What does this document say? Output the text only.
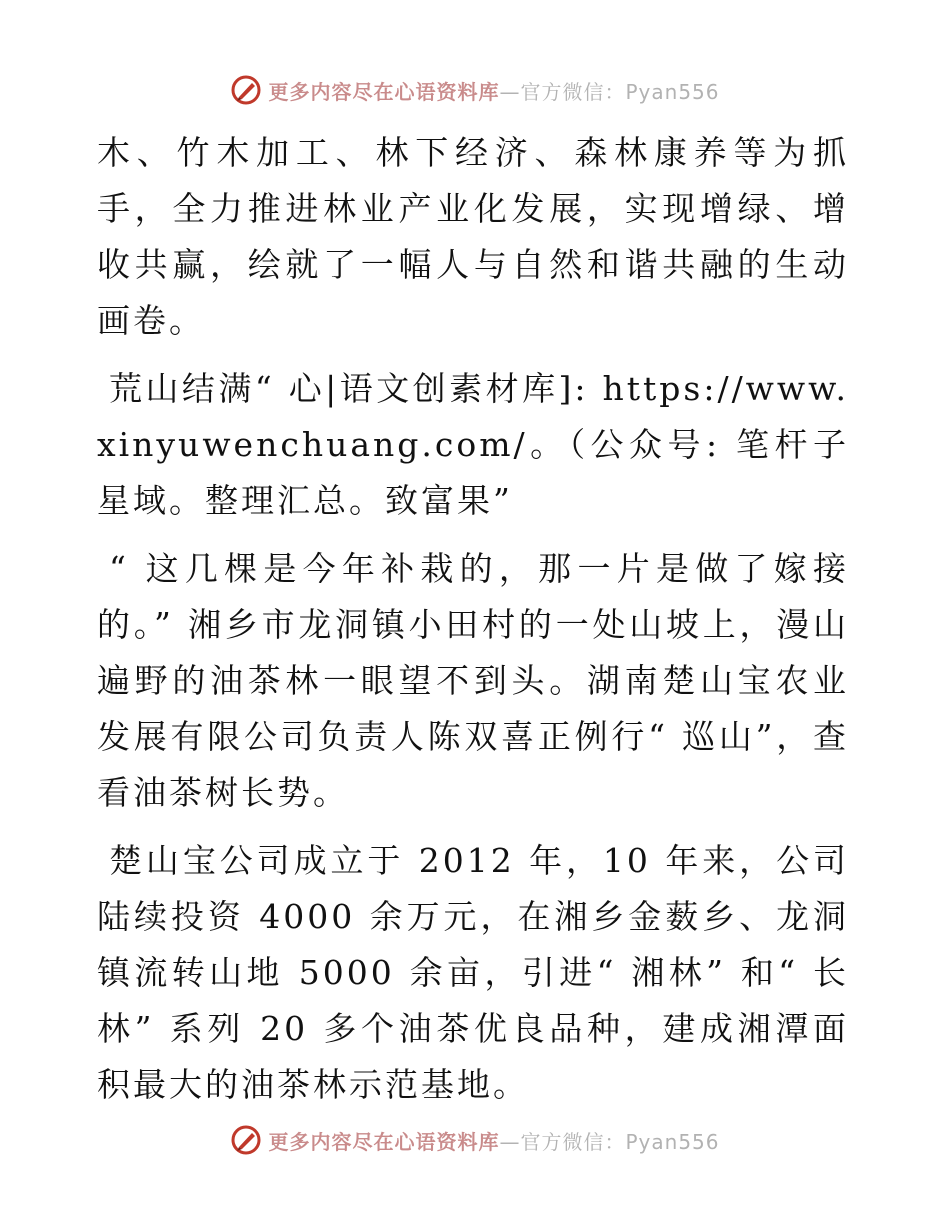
更多内容尽在心语资料库—官方微信：Pyan556

木、竹木加工、林下经济、森林康养等为抓手，全力推进林业产业化发展，实现增绿、增收共赢，绘就了一幅人与自然和谐共融的生动画卷。

荒山结满“ 心|语文创素材库]: https://www.xinyuwenchuang.com/。（公众号: 笔杆子星域。整理汇总。致富果”

“ 这几棵是今年补栽的，那一片是做了嫁接的。” 湘乡市龙洞镇小田村的一处山坡上，漫山遍野的油茶林一眼望不到头。湖南楚山宝农业发展有限公司负责人陈双喜正例行“ 巡山”，查看油茶树长势。

楚山宝公司成立于 2012 年，10 年来，公司陆续投资 4000 余万元，在湘乡金薮乡、龙洞镇流转山地 5000 余亩，引进“ 湘林” 和“ 长林” 系列 20 多个油茶优良品种，建成湘潭面积最大的油茶林示范基地。

更多内容尽在心语资料库—官方微信：Pyan556
